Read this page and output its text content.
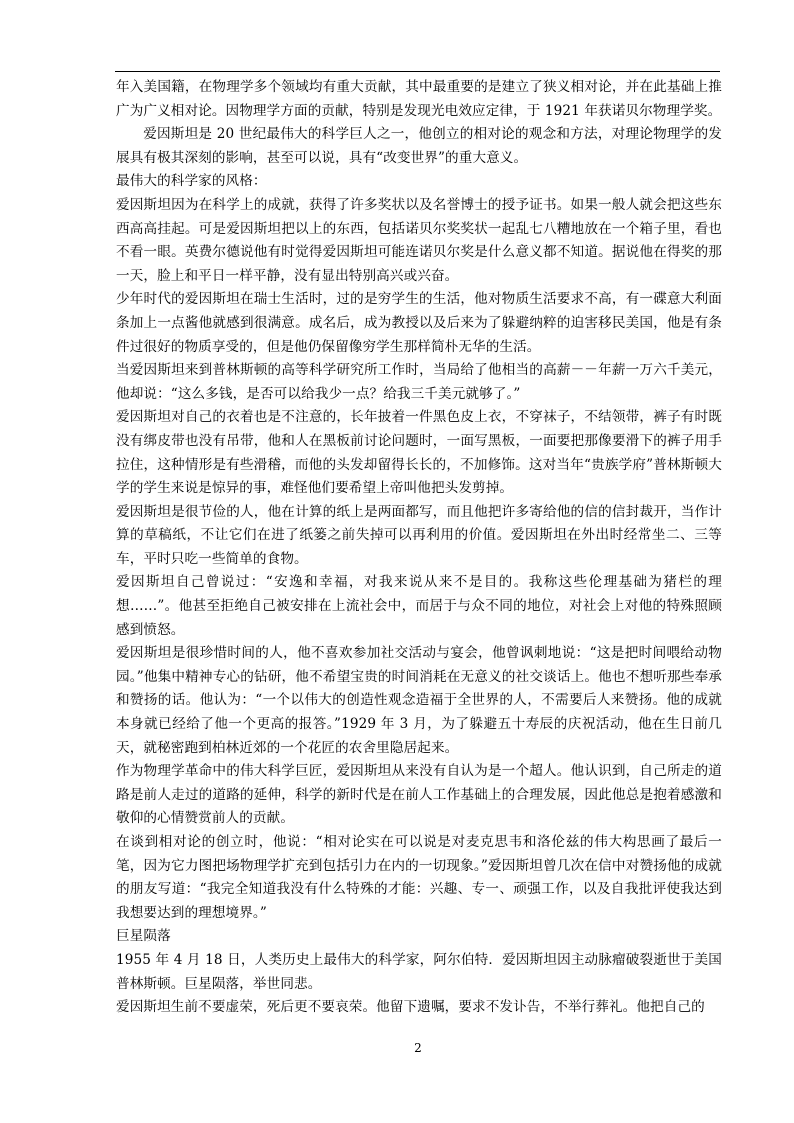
年入美国籍，在物理学多个领域均有重大贡献，其中最重要的是建立了狭义相对论，并在此基础上推广为广义相对论。因物理学方面的贡献，特别是发现光电效应定律，于 1921 年获诺贝尔物理学奖。

爱因斯坦是 20 世纪最伟大的科学巨人之一，他创立的相对论的观念和方法，对理论物理学的发展具有极其深刻的影响，甚至可以说，具有“改变世界”的重大意义。

最伟大的科学家的风格：

爱因斯坦因为在科学上的成就，获得了许多奖状以及名誉博士的授予证书。如果一般人就会把这些东西高高挂起。可是爱因斯坦把以上的东西，包括诺贝尔奖奖状一起乱七八糟地放在一个箱子里，看也不看一眼。英费尔德说他有时觉得爱因斯坦可能连诺贝尔奖是什么意义都不知道。据说他在得奖的那一天，脸上和平日一样平静，没有显出特别高兴或兴奋。

少年时代的爱因斯坦在瑞士生活时，过的是穷学生的生活，他对物质生活要求不高，有一碟意大利面条加上一点酱他就感到很满意。成名后，成为教授以及后来为了躲避纳粹的迫害移民美国，他是有条件过很好的物质享受的，但是他仍保留像穷学生那样简朴无华的生活。

当爱因斯坦来到普林斯顿的高等科学研究所工作时，当局给了他相当的高薪－－年薪一万六千美元，他却说：“这么多钱，是否可以给我少一点？给我三千美元就够了。”

爱因斯坦对自己的衣着也是不注意的，长年披着一件黑色皮上衣，不穿袜子，不结领带，裤子有时既没有绑皮带也没有吊带，他和人在黑板前讨论问题时，一面写黑板，一面要把那像要滑下的裤子用手拉住，这种情形是有些滑稽，而他的头发却留得长长的，不加修饰。这对当年“贵族学府”普林斯顿大学的学生来说是惊异的事，难怪他们要希望上帝叫他把头发剪掉。

爱因斯坦是很节俭的人，他在计算的纸上是两面都写，而且他把许多寄给他的信的信封裁开，当作计算的草稿纸，不让它们在进了纸篓之前失掉可以再利用的价值。爱因斯坦在外出时经常坐二、三等车，平时只吃一些简单的食物。

爱因斯坦自己曾说过：“安逸和幸福，对我来说从来不是目的。我称这些伦理基础为猪栏的理想……”。他甚至拒绝自己被安排在上流社会中，而居于与众不同的地位，对社会上对他的特殊照顾感到愤怒。

爱因斯坦是很珍惜时间的人，他不喜欢参加社交活动与宴会，他曾讽刺地说：“这是把时间喂给动物园。”他集中精神专心的钻研，他不希望宝贵的时间消耗在无意义的社交谈话上。他也不想听那些奉承和赞扬的话。他认为：“一个以伟大的创造性观念造福于全世界的人，不需要后人来赞扬。他的成就本身就已经给了他一个更高的报答。”1929 年 3 月，为了躲避五十寿辰的庆祝活动，他在生日前几天，就秘密跑到柏林近郊的一个花匠的农舍里隐居起来。

作为物理学革命中的伟大科学巨匠，爱因斯坦从来没有自认为是一个超人。他认识到，自己所走的道路是前人走过的道路的延伸，科学的新时代是在前人工作基础上的合理发展，因此他总是抱着感激和敬仰的心情赞赏前人的贡献。

在谈到相对论的创立时，他说：“相对论实在可以说是对麦克思韦和洛伦兹的伟大构思画了最后一笔，因为它力图把场物理学扩充到包括引力在内的一切现象。”爱因斯坦曾几次在信中对赞扬他的成就的朋友写道：“我完全知道我没有什么特殊的才能：兴趣、专一、顽强工作，以及自我批评使我达到我想要达到的理想境界。”

巨星陨落

1955 年 4 月 18 日，人类历史上最伟大的科学家，阿尔伯特．爱因斯坦因主动脉瘤破裂逝世于美国普林斯顿。巨星陨落，举世同悲。

爱因斯坦生前不要虚荣，死后更不要哀荣。他留下遗嘱，要求不发讣告，不举行葬礼。他把自己的

2
